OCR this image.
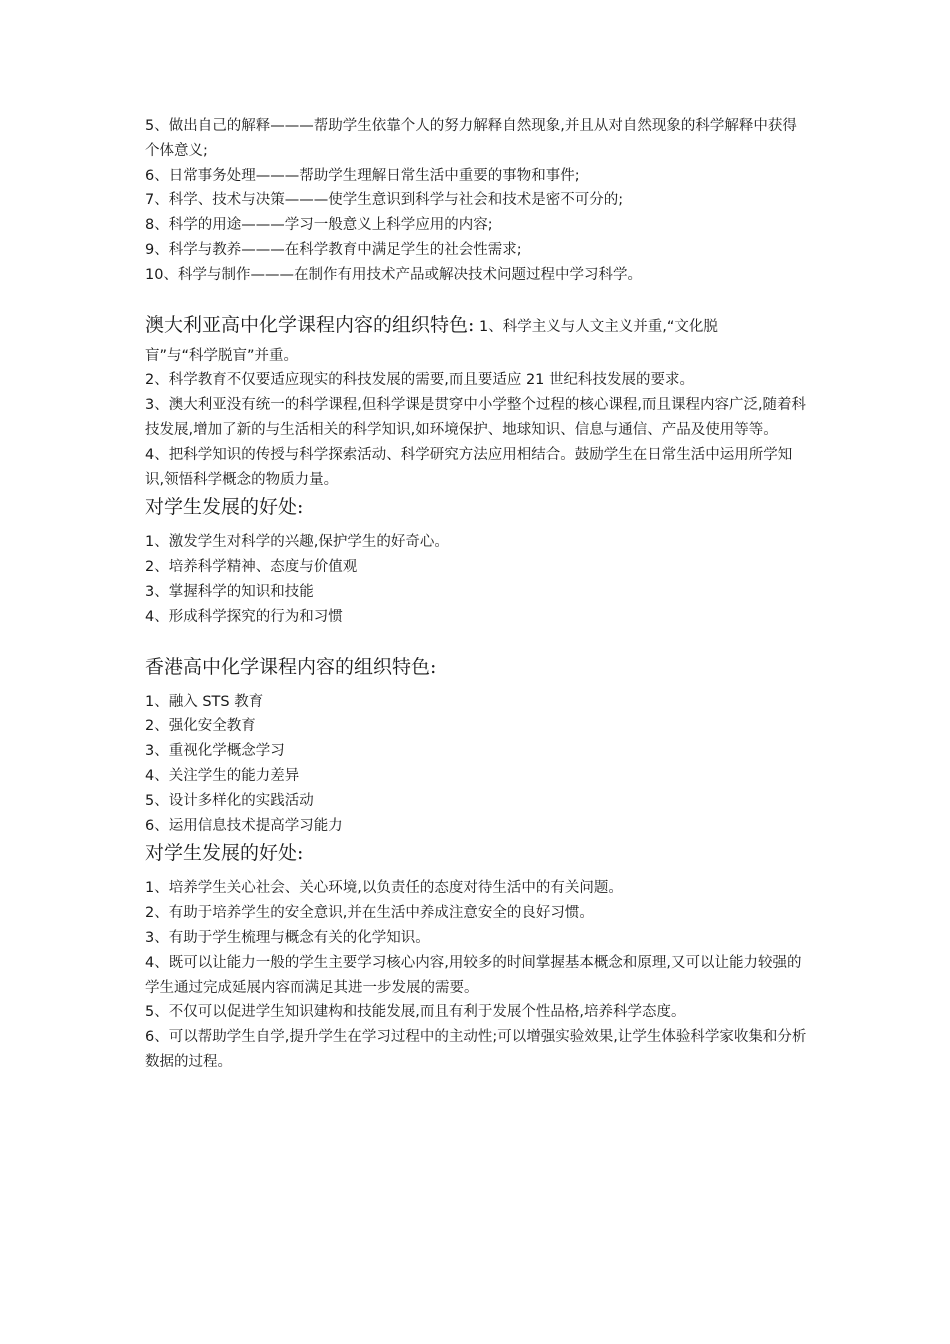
5、做出自己的解释———帮助学生依靠个人的努力解释自然现象,并且从对自然现象的科学解释中获得个体意义;

6、日常事务处理———帮助学生理解日常生活中重要的事物和事件;

7、科学、技术与决策———使学生意识到科学与社会和技术是密不可分的;

8、科学的用途———学习一般意义上科学应用的内容;

9、科学与教养———在科学教育中满足学生的社会性需求;

10、科学与制作———在制作有用技术产品或解决技术问题过程中学习科学。

澳大利亚高中化学课程内容的组织特色: 1、科学主义与人文主义并重,“文化脱

盲”与“科学脱盲”并重。

2、科学教育不仅要适应现实的科技发展的需要,而且要适应 21 世纪科技发展的要求。

3、澳大利亚没有统一的科学课程,但科学课是贯穿中小学整个过程的核心课程,而且课程内容广泛,随着科技发展,增加了新的与生活相关的科学知识,如环境保护、地球知识、信息与通信、产品及使用等等。

4、把科学知识的传授与科学探索活动、科学研究方法应用相结合。鼓励学生在日常生活中运用所学知识,领悟科学概念的物质力量。

对学生发展的好处:

1、激发学生对科学的兴趣,保护学生的好奇心。

2、培养科学精神、态度与价值观

3、掌握科学的知识和技能

4、形成科学探究的行为和习惯

香港高中化学课程内容的组织特色:

1、融入 STS 教育

2、强化安全教育

3、重视化学概念学习

4、关注学生的能力差异

5、设计多样化的实践活动

6、运用信息技术提高学习能力

对学生发展的好处:

1、培养学生关心社会、关心环境,以负责任的态度对待生活中的有关问题。

2、有助于培养学生的安全意识,并在生活中养成注意安全的良好习惯。

3、有助于学生梳理与概念有关的化学知识。

4、既可以让能力一般的学生主要学习核心内容,用较多的时间掌握基本概念和原理,又可以让能力较强的学生通过完成延展内容而满足其进一步发展的需要。

5、不仅可以促进学生知识建构和技能发展,而且有利于发展个性品格,培养科学态度。

6、可以帮助学生自学,提升学生在学习过程中的主动性;可以增强实验效果,让学生体验科学家收集和分析数据的过程。
